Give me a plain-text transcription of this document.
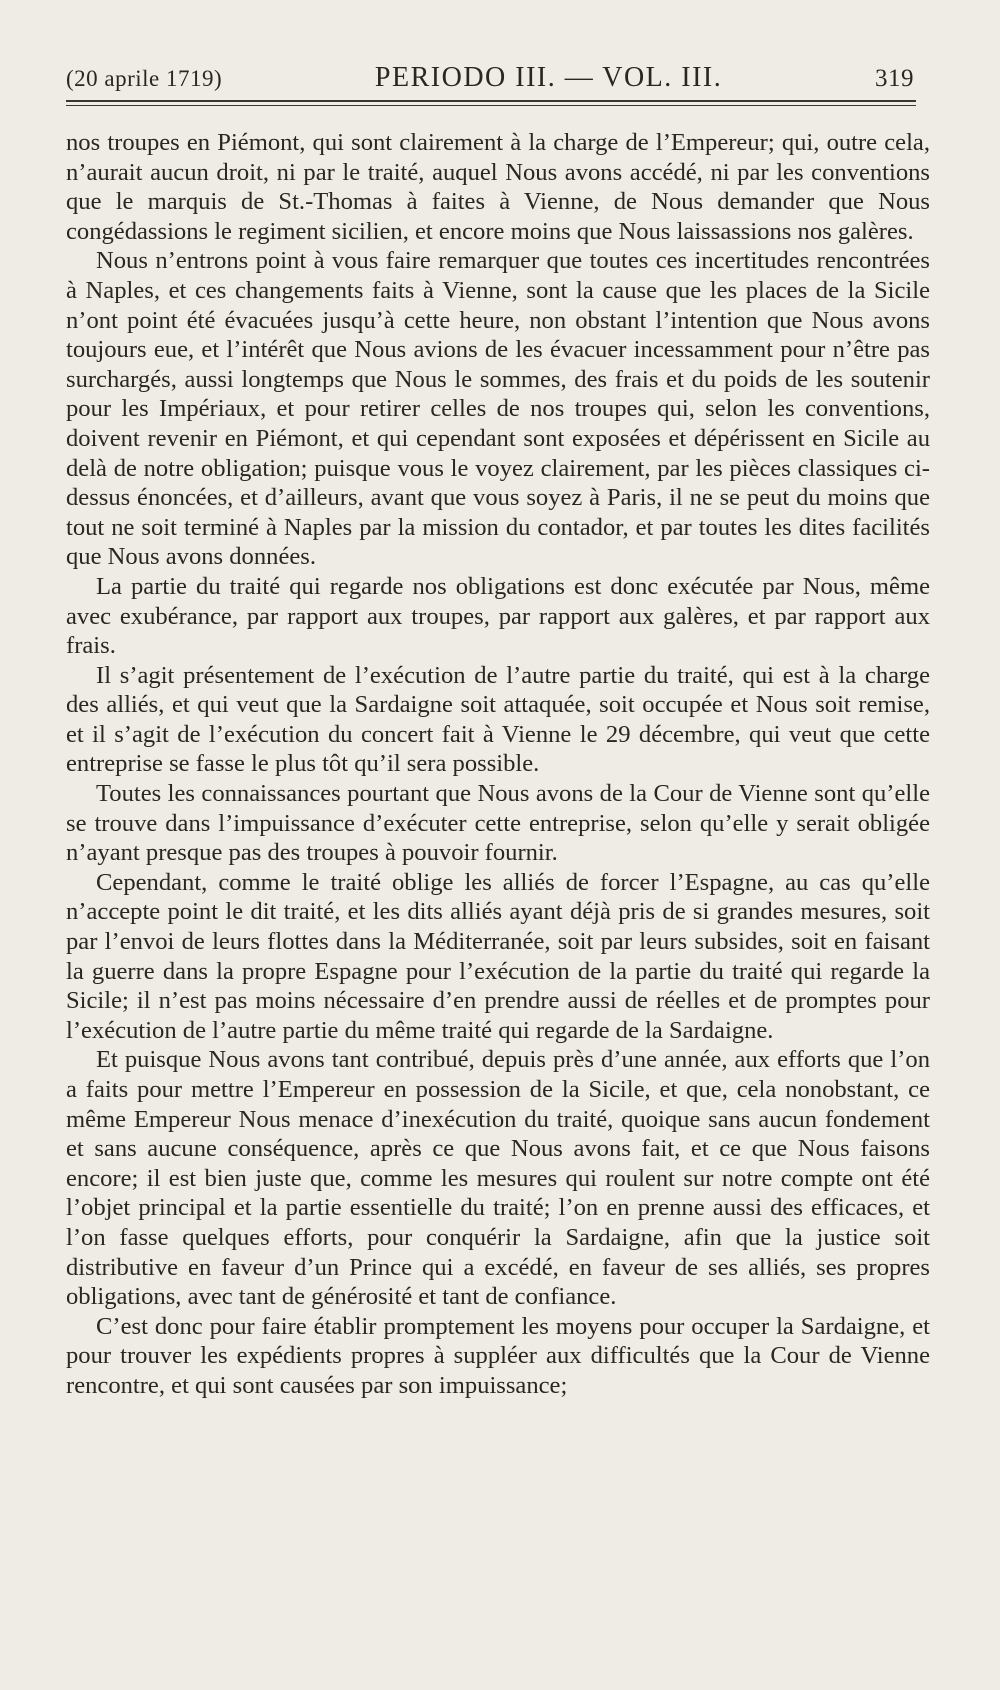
(20 aprile 1719)	PERIODO III. — VOL. III.	319

nos troupes en Piémont, qui sont clairement à la charge de l’Empereur; qui, outre cela, n’aurait aucun droit, ni par le traité, auquel Nous avons accédé, ni par les conventions que le marquis de St.-Thomas à faites à Vienne, de Nous demander que Nous congédassions le regiment sicilien, et encore moins que Nous laissassions nos galères.

Nous n’entrons point à vous faire remarquer que toutes ces incertitudes rencontrées à Naples, et ces changements faits à Vienne, sont la cause que les places de la Sicile n’ont point été évacuées jusqu’à cette heure, non obstant l’intention que Nous avons toujours eue, et l’intérêt que Nous avions de les évacuer incessamment pour n’être pas surchargés, aussi longtemps que Nous le sommes, des frais et du poids de les soutenir pour les Impériaux, et pour retirer celles de nos troupes qui, selon les conventions, doivent revenir en Piémont, et qui cependant sont exposées et dépérissent en Sicile au delà de notre obligation; puisque vous le voyez clairement, par les pièces classiques ci-dessus énoncées, et d’ailleurs, avant que vous soyez à Paris, il ne se peut du moins que tout ne soit terminé à Naples par la mission du contador, et par toutes les dites facilités que Nous avons données.

La partie du traité qui regarde nos obligations est donc exécutée par Nous, même avec exubérance, par rapport aux troupes, par rapport aux galères, et par rapport aux frais.

Il s’agit présentement de l’exécution de l’autre partie du traité, qui est à la charge des alliés, et qui veut que la Sardaigne soit attaquée, soit occupée et Nous soit remise, et il s’agit de l’exécution du concert fait à Vienne le 29 décembre, qui veut que cette entreprise se fasse le plus tôt qu’il sera possible.

Toutes les connaissances pourtant que Nous avons de la Cour de Vienne sont qu’elle se trouve dans l’impuissance d’exécuter cette entreprise, selon qu’elle y serait obligée n’ayant presque pas des troupes à pouvoir fournir.

Cependant, comme le traité oblige les alliés de forcer l’Espagne, au cas qu’elle n’accepte point le dit traité, et les dits alliés ayant déjà pris de si grandes mesures, soit par l’envoi de leurs flottes dans la Méditerranée, soit par leurs subsides, soit en faisant la guerre dans la propre Espagne pour l’exécution de la partie du traité qui regarde la Sicile; il n’est pas moins nécessaire d’en prendre aussi de réelles et de promptes pour l’exécution de l’autre partie du même traité qui regarde de la Sardaigne.

Et puisque Nous avons tant contribué, depuis près d’une année, aux efforts que l’on a faits pour mettre l’Empereur en possession de la Sicile, et que, cela nonobstant, ce même Empereur Nous menace d’inexécution du traité, quoique sans aucun fondement et sans aucune conséquence, après ce que Nous avons fait, et ce que Nous faisons encore; il est bien juste que, comme les mesures qui roulent sur notre compte ont été l’objet principal et la partie essentielle du traité; l’on en prenne aussi des efficaces, et l’on fasse quelques efforts, pour conquérir la Sardaigne, afin que la justice soit distributive en faveur d’un Prince qui a excédé, en faveur de ses alliés, ses propres obligations, avec tant de générosité et tant de confiance.

C’est donc pour faire établir promptement les moyens pour occuper la Sardaigne, et pour trouver les expédients propres à suppléer aux difficultés que la Cour de Vienne rencontre, et qui sont causées par son impuissance;
